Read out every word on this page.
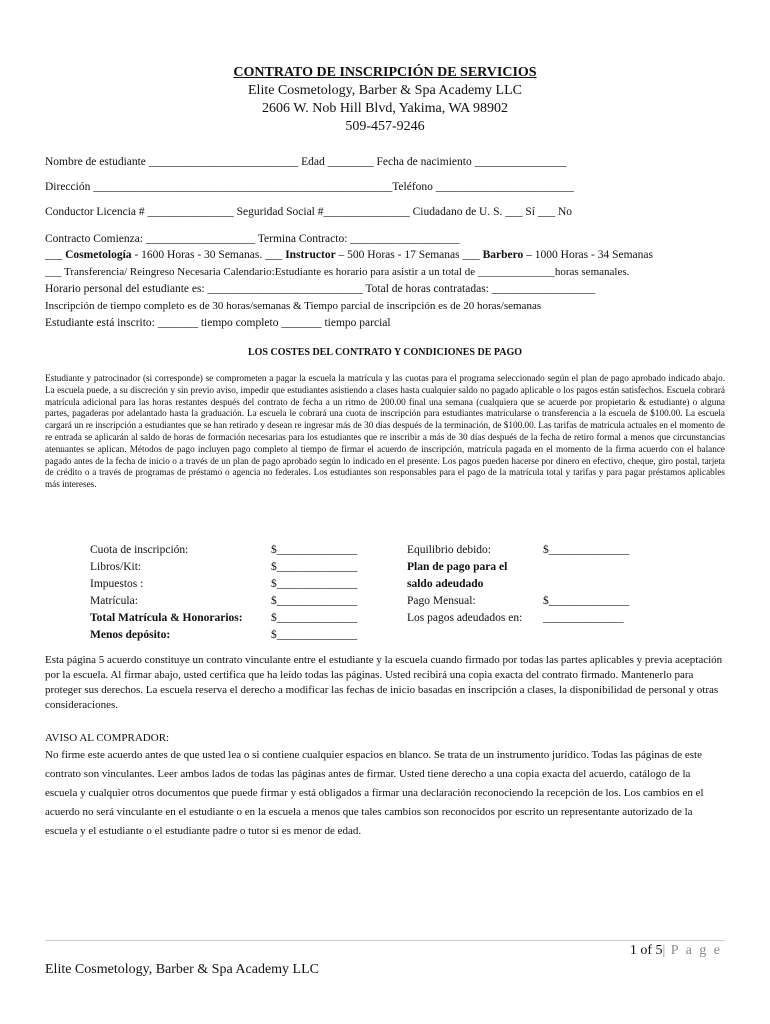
CONTRATO DE INSCRIPCIÓN DE SERVICIOS
Elite Cosmetology, Barber & Spa Academy LLC
2606 W. Nob Hill Blvd, Yakima, WA 98902
509-457-9246
Nombre de estudiante __________________________ Edad ________ Fecha de nacimiento ________________
Dirección ____________________________________________________Teléfono ________________________
Conductor Licencia # _______________ Seguridad Social #_______________ Ciudadano de U. S. ___ Sí ___ No
Contracto Comienza: ___________________ Termina Contracto: ___________________
___ Cosmetología - 1600 Horas - 30 Semanas. ___ Instructor – 500 Horas - 17 Semanas ___ Barbero – 1000 Horas - 34 Semanas
___ Transferencia/ Reingreso Necesaria Calendario:Estudiante es horario para asistir a un total de ______________horas semanales.
Horario personal del estudiante es: ___________________________ Total de horas contratadas: __________________
Inscripción de tiempo completo es de 30 horas/semanas & Tiempo parcial de inscripción es de 20 horas/semanas
Estudiante está inscrito: _______ tiempo completo _______ tiempo parcial
LOS COSTES DEL CONTRATO Y CONDICIONES DE PAGO
Estudiante y patrocinador (si corresponde) se comprometen a pagar la escuela la matrícula y las cuotas para el programa seleccionado según el plan de pago aprobado indicado abajo. La escuela puede, a su discreción y sin previo aviso, impedir que estudiantes asistiendo a clases hasta cualquier saldo no pagado aplicable o los pagos están satisfechos. Escuela cobrará matrícula adicional para las horas restantes después del contrato de fecha a un ritmo de 200.00 final una semana (cualquiera que se acuerde por propietario & estudiante) o alguna partes, pagaderas por adelantado hasta la graduación. La escuela le cobrará una cuota de inscripción para estudiantes matricularse o transferencia a la escuela de $100.00. La escuela cargará un re inscripción a estudiantes que se han retirado y desean re ingresar más de 30 días después de la terminación, de $100.00. Las tarifas de matrícula actuales en el momento de re entrada se aplicarán al saldo de horas de formación necesarias para los estudiantes que re inscribir a más de 30 días después de la fecha de retiro formal a menos que circunstancias atenuantes se aplican. Métodos de pago incluyen pago completo al tiempo de firmar el acuerdo de inscripción, matrícula pagada en el momento de la firma acuerdo con el balance pagado antes de la fecha de inicio o a través de un plan de pago aprobado según lo indicado en el presente. Los pagos pueden hacerse por dinero en efectivo, cheque, giro postal, tarjeta de crédito o a través de programas de préstamo o agencia no federales. Los estudiantes son responsables para el pago de la matrícula total y tarifas y para pagar préstamos aplicables más intereses.
Cuota de inscripción:
Libros/Kit:
Impuestos :
Matrícula:
Total Matrícula & Honorarios:
Menos depósito:
$______________
$______________
$______________
$______________
$______________
$______________
Equilibrio debido:
Plan de pago para el
saldo adeudado
Pago Mensual:
Los pagos adeudados en:
$______________

$______________
______________
Esta página 5 acuerdo constituye un contrato vinculante entre el estudiante y la escuela cuando firmado por todas las partes aplicables y previa aceptación por la escuela. Al firmar abajo, usted certifica que ha leído todas las páginas. Usted recibirá una copia exacta del contrato firmado. Mantenerlo para proteger sus derechos. La escuela reserva el derecho a modificar las fechas de inicio basadas en inscripción a clases, la disponibilidad de personal y otras consideraciones.
AVISO AL COMPRADOR:
No firme este acuerdo antes de que usted lea o si contiene cualquier espacios en blanco. Se trata de un instrumento jurídico. Todas las páginas de este contrato son vinculantes. Leer ambos lados de todas las páginas antes de firmar. Usted tiene derecho a una copia exacta del acuerdo, catálogo de la escuela y cualquier otros documentos que puede firmar y está obligados a firmar una declaración reconociendo la recepción de los. Los cambios en el acuerdo no será vinculante en el estudiante o en la escuela a menos que tales cambios son reconocidos por escrito un representante autorizado de la escuela y el estudiante o el estudiante padre o tutor si es menor de edad.
1 of 5| P a g e
Elite Cosmetology, Barber & Spa Academy LLC
